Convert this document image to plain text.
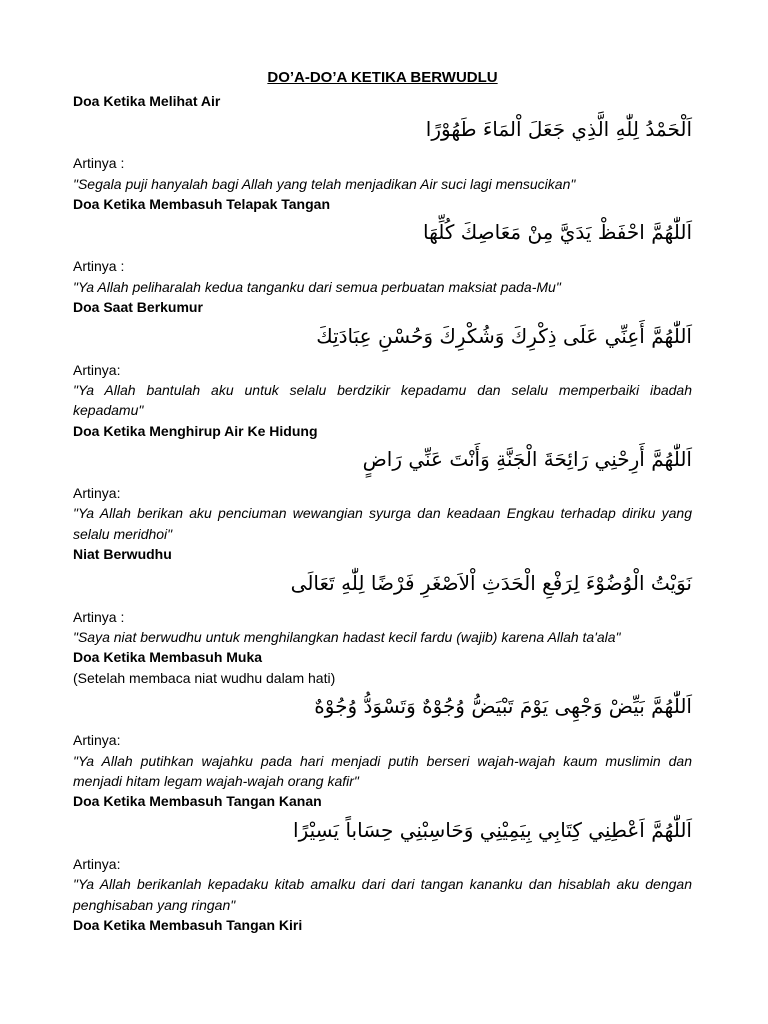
DO’A-DO’A KETIKA BERWUDLU
Doa Ketika Melihat Air
اَلْحَمْدُ لِلّٰهِ الَّذِي جَعَلَ اْلمَاءَ طَهُوْرًا
Artinya :
"Segala puji hanyalah bagi Allah yang telah menjadikan Air suci lagi mensucikan"
Doa Ketika Membasuh Telapak Tangan
اَللّٰهُمَّ احْفَظْ يَدَيَّ مِنْ مَعَاصِكَ كُلِّهَا
Artinya :
"Ya Allah peliharalah kedua tanganku dari semua perbuatan maksiat pada-Mu"
Doa Saat Berkumur
اَللّٰهُمَّ أَعِنِّي عَلَى ذِكْرِكَ وَشُكْرِكَ وَحُسْنِ عِبَادَتِكَ
Artinya:
"Ya Allah bantulah aku untuk selalu berdzikir kepadamu dan selalu memperbaiki ibadah
kepadamu"
Doa Ketika Menghirup Air Ke Hidung
اَللّٰهُمَّ أَرِحْنِي رَائِحَةَ الْجَنَّةِ وَأَنْتَ عَنِّي رَاضٍ
Artinya:
"Ya Allah berikan aku penciuman wewangian syurga dan keadaan Engkau terhadap diriku yang
selalu meridhoi"
Niat Berwudhu
نَوَيْتُ الْوُضُوْءَ لِرَفْعِ الْحَدَثِ اْلاَصْغَرِ فَرْضًا لِلّٰهِ تَعَالَى
Artinya :
"Saya niat berwudhu untuk menghilangkan hadast kecil fardu (wajib) karena Allah ta'ala"
Doa Ketika Membasuh Muka
(Setelah membaca niat wudhu dalam hati)
اَللّٰهُمَّ بَيِّضْ وَجْهِى يَوْمَ تَبْيَضُّ وُجُوْهٌ وَتَسْوَدُّ وُجُوْهٌ
Artinya:
"Ya Allah putihkan wajahku pada hari menjadi putih berseri wajah-wajah kaum muslimin dan
menjadi hitam legam wajah-wajah orang kafir"
Doa Ketika Membasuh Tangan Kanan
اَللّٰهُمَّ اَعْطِنِي كِتَابِي بِيَمِيْنِي وَحَاسِبْنِي حِسَاباً يَسِيْرًا
Artinya:
"Ya Allah berikanlah kepadaku kitab amalku dari dari tangan kananku dan hisablah aku dengan
penghisaban yang ringan"
Doa Ketika Membasuh Tangan Kiri
